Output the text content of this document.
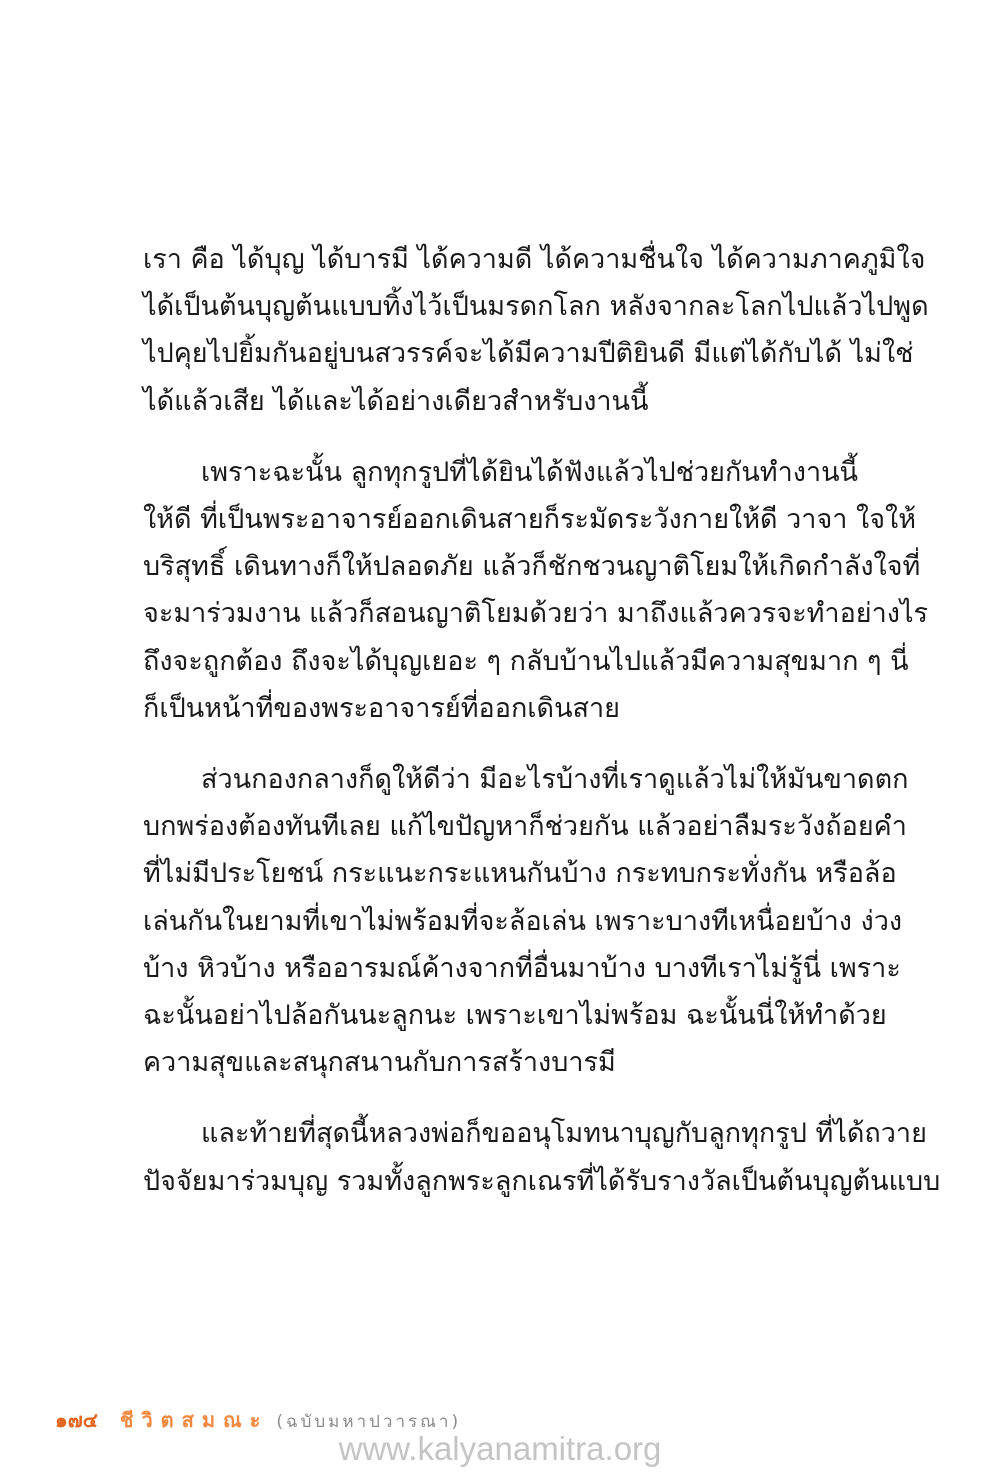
เรา คือ ได้บุญ ได้บารมี ได้ความดี ได้ความชื่นใจ ได้ความภาคภูมิใจ
ได้เป็นต้นบุญต้นแบบทิ้งไว้เป็นมรดกโลก หลังจากละโลกไปแล้วไปพูด
ไปคุยไปยิ้มกันอยู่บนสวรรค์จะได้มีความปีติยินดี มีแต่ได้กับได้ ไม่ใช่
ได้แล้วเสีย ได้และได้อย่างเดียวสำหรับงานนี้

เพราะฉะนั้น ลูกทุกรูปที่ได้ยินได้ฟังแล้วไปช่วยกันทำงานนี้
ให้ดี ที่เป็นพระอาจารย์ออกเดินสายก็ระมัดระวังกายให้ดี วาจา ใจให้
บริสุทธิ์ เดินทางก็ให้ปลอดภัย แล้วก็ชักชวนญาติโยมให้เกิดกำลังใจที่
จะมาร่วมงาน แล้วก็สอนญาติโยมด้วยว่า มาถึงแล้วควรจะทำอย่างไร
ถึงจะถูกต้อง ถึงจะได้บุญเยอะ ๆ กลับบ้านไปแล้วมีความสุขมาก ๆ นี่
ก็เป็นหน้าที่ของพระอาจารย์ที่ออกเดินสาย

ส่วนกองกลางก็ดูให้ดีว่า มีอะไรบ้างที่เราดูแล้วไม่ให้มันขาดตก
บกพร่องต้องทันทีเลย แก้ไขปัญหาก็ช่วยกัน แล้วอย่าลืมระวังถ้อยคำ
ที่ไม่มีประโยชน์ กระแนะกระแหนกันบ้าง กระทบกระทั่งกัน หรือล้อ
เล่นกันในยามที่เขาไม่พร้อมที่จะล้อเล่น เพราะบางทีเหนื่อยบ้าง ง่วง
บ้าง หิวบ้าง หรืออารมณ์ค้างจากที่อื่นมาบ้าง บางทีเราไม่รู้นี่ เพราะ
ฉะนั้นอย่าไปล้อกันนะลูกนะ เพราะเขาไม่พร้อม ฉะนั้นนี่ให้ทำด้วย
ความสุขและสนุกสนานกับการสร้างบารมี

และท้ายที่สุดนี้หลวงพ่อก็ขออนุโมทนาบุญกับลูกทุกรูป ที่ได้ถวาย
ปัจจัยมาร่วมบุญ รวมทั้งลูกพระลูกเณรที่ได้รับรางวัลเป็นต้นบุญต้นแบบ

๑๗๔ ชีวิตสมณะ (ฉบับมหาปวารณา)
www.kalyanamitra.org
